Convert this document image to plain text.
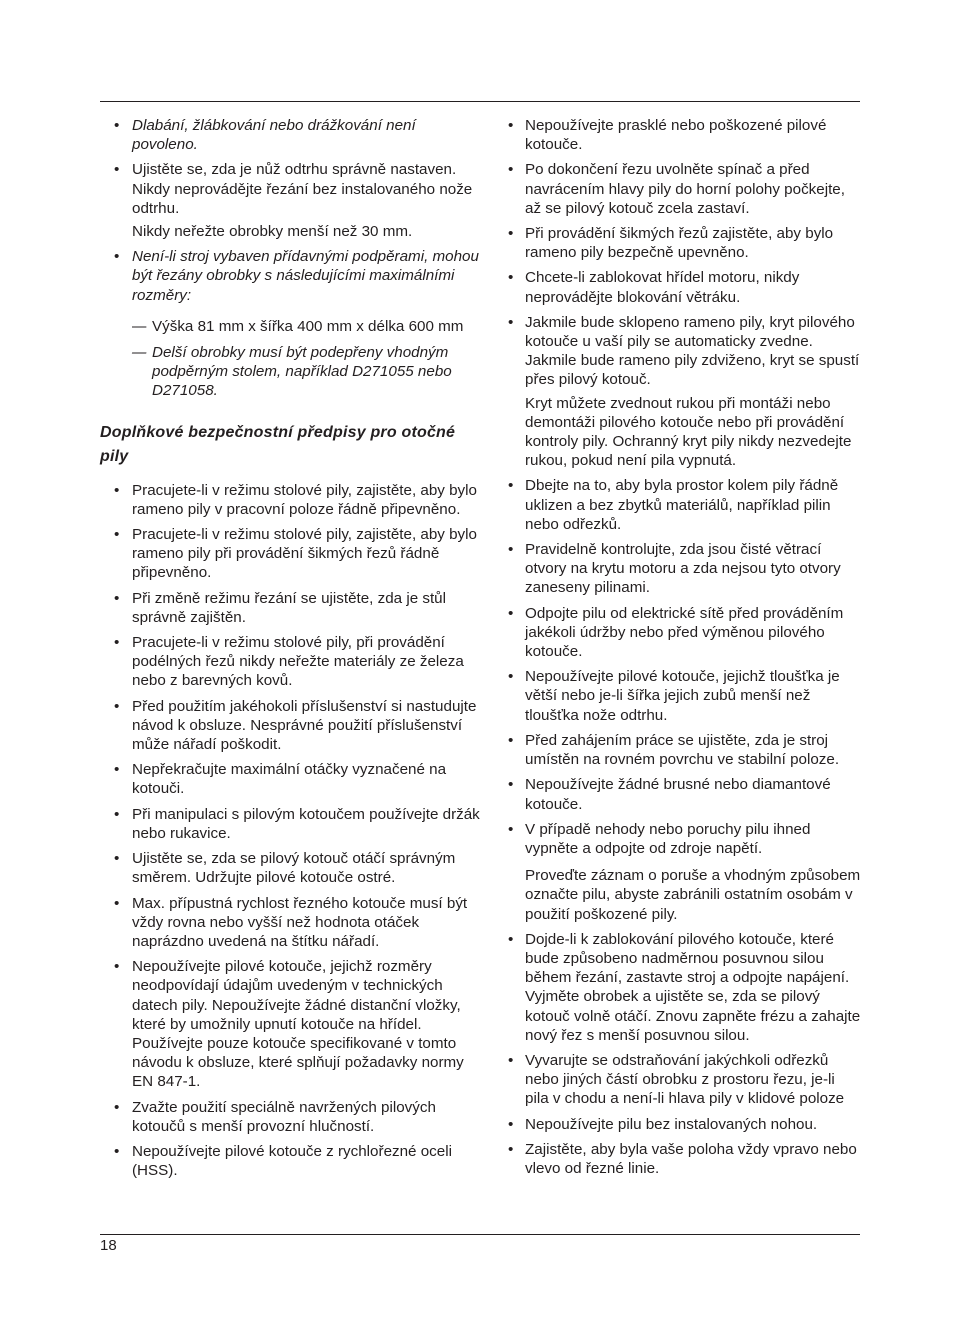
• Dlabání, žlábkování nebo drážkování není povoleno.
• Ujistěte se, zda je nůž odtrhu správně nastaven. Nikdy neprovádějte řezání bez instalovaného nože odtrhu.
Nikdy neřežte obrobky menší než 30 mm.
• Není-li stroj vybaven přídavnými podpěrami, mohou být řezány obrobky s následujícími maximálními rozměry:
– Výška 81 mm x šířka 400 mm x délka 600 mm
– Delší obrobky musí být podepřeny vhodným podpěrným stolem, například D271055 nebo D271058.
Doplňkové bezpečnostní předpisy pro otočné pily
• Pracujete-li v režimu stolové pily, zajistěte, aby bylo rameno pily v pracovní poloze řádně připevněno.
• Pracujete-li v režimu stolové pily, zajistěte, aby bylo rameno pily při provádění šikmých řezů řádně připevněno.
• Při změně režimu řezání se ujistěte, zda je stůl správně zajištěn.
• Pracujete-li v režimu stolové pily, při provádění podélných řezů nikdy neřežte materiály ze železa nebo z barevných kovů.
• Před použitím jakéhokoli příslušenství si nastudujte návod k obsluze. Nesprávné použití příslušenství může nářadí poškodit.
• Nepřekračujte maximální otáčky vyznačené na kotouči.
• Při manipulaci s pilovým kotoučem používejte držák nebo rukavice.
• Ujistěte se, zda se pilový kotouč otáčí správným směrem. Udržujte pilové kotouče ostré.
• Max. přípustná rychlost řezného kotouče musí být vždy rovna nebo vyšší než hodnota otáček naprázdno uvedená na štítku nářadí.
• Nepoužívejte pilové kotouče, jejichž rozměry neodpovídají údajům uvedeným v technických datech pily. Nepoužívejte žádné distanční vložky, které by umožnily upnutí kotouče na hřídel. Používejte pouze kotouče specifikované v tomto návodu k obsluze, které splňují požadavky normy EN 847-1.
• Zvažte použití speciálně navržených pilových kotoučů s menší provozní hlučností.
• Nepoužívejte pilové kotouče z rychlořezné oceli (HSS).
• Nepoužívejte prasklé nebo poškozené pilové kotouče.
• Po dokončení řezu uvolněte spínač a před navrácením hlavy pily do horní polohy počkejte, až se pilový kotouč zcela zastaví.
• Při provádění šikmých řezů zajistěte, aby bylo rameno pily bezpečně upevněno.
• Chcete-li zablokovat hřídel motoru, nikdy neprovádějte blokování větráku.
• Jakmile bude sklopeno rameno pily, kryt pilového kotouče u vaší pily se automaticky zvedne. Jakmile bude rameno pily zdviženo, kryt se spustí přes pilový kotouč.
Kryt můžete zvednout rukou při montáži nebo demontáži pilového kotouče nebo při provádění kontroly pily. Ochranný kryt pily nikdy nezvedejte rukou, pokud není pila vypnutá.
• Dbejte na to, aby byla prostor kolem pily řádně uklizen a bez zbytků materiálů, například pilin nebo odřezků.
• Pravidelně kontrolujte, zda jsou čisté větrací otvory na krytu motoru a zda nejsou tyto otvory zaneseny pilinami.
• Odpojte pilu od elektrické sítě před prováděním jakékoli údržby nebo před výměnou pilového kotouče.
• Nepoužívejte pilové kotouče, jejichž tloušťka je větší nebo je-li šířka jejich zubů menší než tloušťka nože odtrhu.
• Před zahájením práce se ujistěte, zda je stroj umístěn na rovném povrchu ve stabilní poloze.
• Nepoužívejte žádné brusné nebo diamantové kotouče.
• V případě nehody nebo poruchy pilu ihned vypněte a odpojte od zdroje napětí.
Proveďte záznam o poruše a vhodným způsobem označte pilu, abyste zabránili ostatním osobám v použití poškozené pily.
• Dojde-li k zablokování pilového kotouče, které bude způsobeno nadměrnou posuvnou silou během řezání, zastavte stroj a odpojte napájení. Vyjměte obrobek a ujistěte se, zda se pilový kotouč volně otáčí. Znovu zapněte frézu a zahajte nový řez s menší posuvnou silou.
• Vyvarujte se odstraňování jakýchkoli odřezků nebo jiných částí obrobku z prostoru řezu, je-li pila v chodu a není-li hlava pily v klidové poloze
• Nepoužívejte pilu bez instalovaných nohou.
• Zajistěte, aby byla vaše poloha vždy vpravo nebo vlevo od řezné linie.
18
